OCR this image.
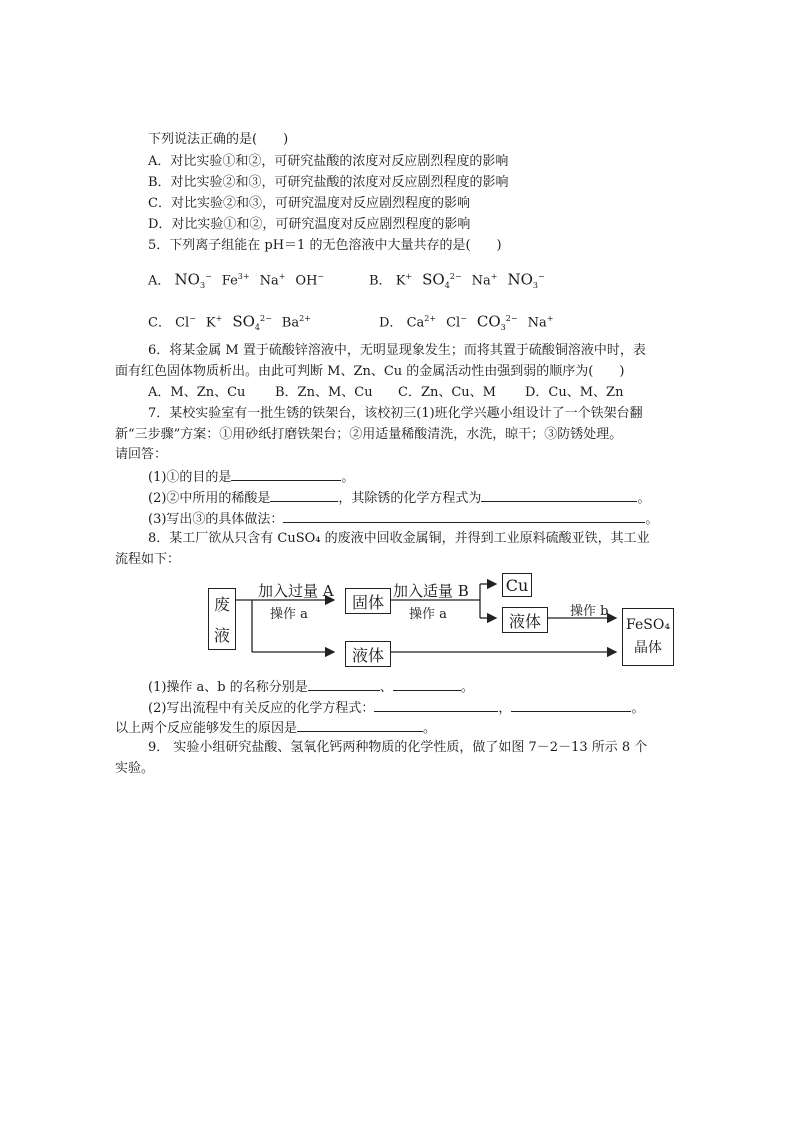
下列说法正确的是(　　)
A．对比实验①和②，可研究盐酸的浓度对反应剧烈程度的影响
B．对比实验②和③，可研究盐酸的浓度对反应剧烈程度的影响
C．对比实验②和③，可研究温度对反应剧烈程度的影响
D．对比实验①和②，可研究温度对反应剧烈程度的影响
5．下列离子组能在 pH＝1 的无色溶液中大量共存的是(　　)
A． $NO_3^-$ $Fe^{3+}$ Na+ OH−	B． K+ $SO_4^{2-}$ Na+ $NO_3^-$
C． Cl− K+ $SO_4^{2-}$ $Ba^{2+}$	D． $Ca^{2+}$ Cl− $CO_3^{2-}$ Na+
6．将某金属 M 置于硫酸锌溶液中，无明显现象发生；而将其置于硫酸铜溶液中时，表
面有红色固体物质析出。由此可判断 M、Zn、Cu 的金属活动性由强到弱的顺序为(　　)
A．M、Zn、Cu B．Zn、M、Cu C．Zn、Cu、M D．Cu、M、Zn
7．某校实验室有一批生锈的铁架台，该校初三(1)班化学兴趣小组设计了一个铁架台翻
新“三步骤”方案：①用砂纸打磨铁架台；②用适量稀酸清洗，水洗，晾干；③防锈处理。
请回答：
(1)①的目的是	。
(2)②中所用的稀酸是	，其除锈的化学方程式为	。
(3)写出③的具体做法：	。
8．某工厂欲从只含有 CuSO₄ 的废液中回收金属铜，并得到工业原料硫酸亚铁，其工业
流程如下：
废
液
加入过量 A
操作 a
固体
加入适量 B
操作 a
Cu
液体	操作 b
液体
FeSO₄
晶体
(1)操作 a、b 的名称分别是	、	。
(2)写出流程中有关反应的化学方程式：	，	。
以上两个反应能够发生的原因是	。
9． 实验小组研究盐酸、氢氧化钙两种物质的化学性质，做了如图 7－2－13 所示 8 个
实验。
